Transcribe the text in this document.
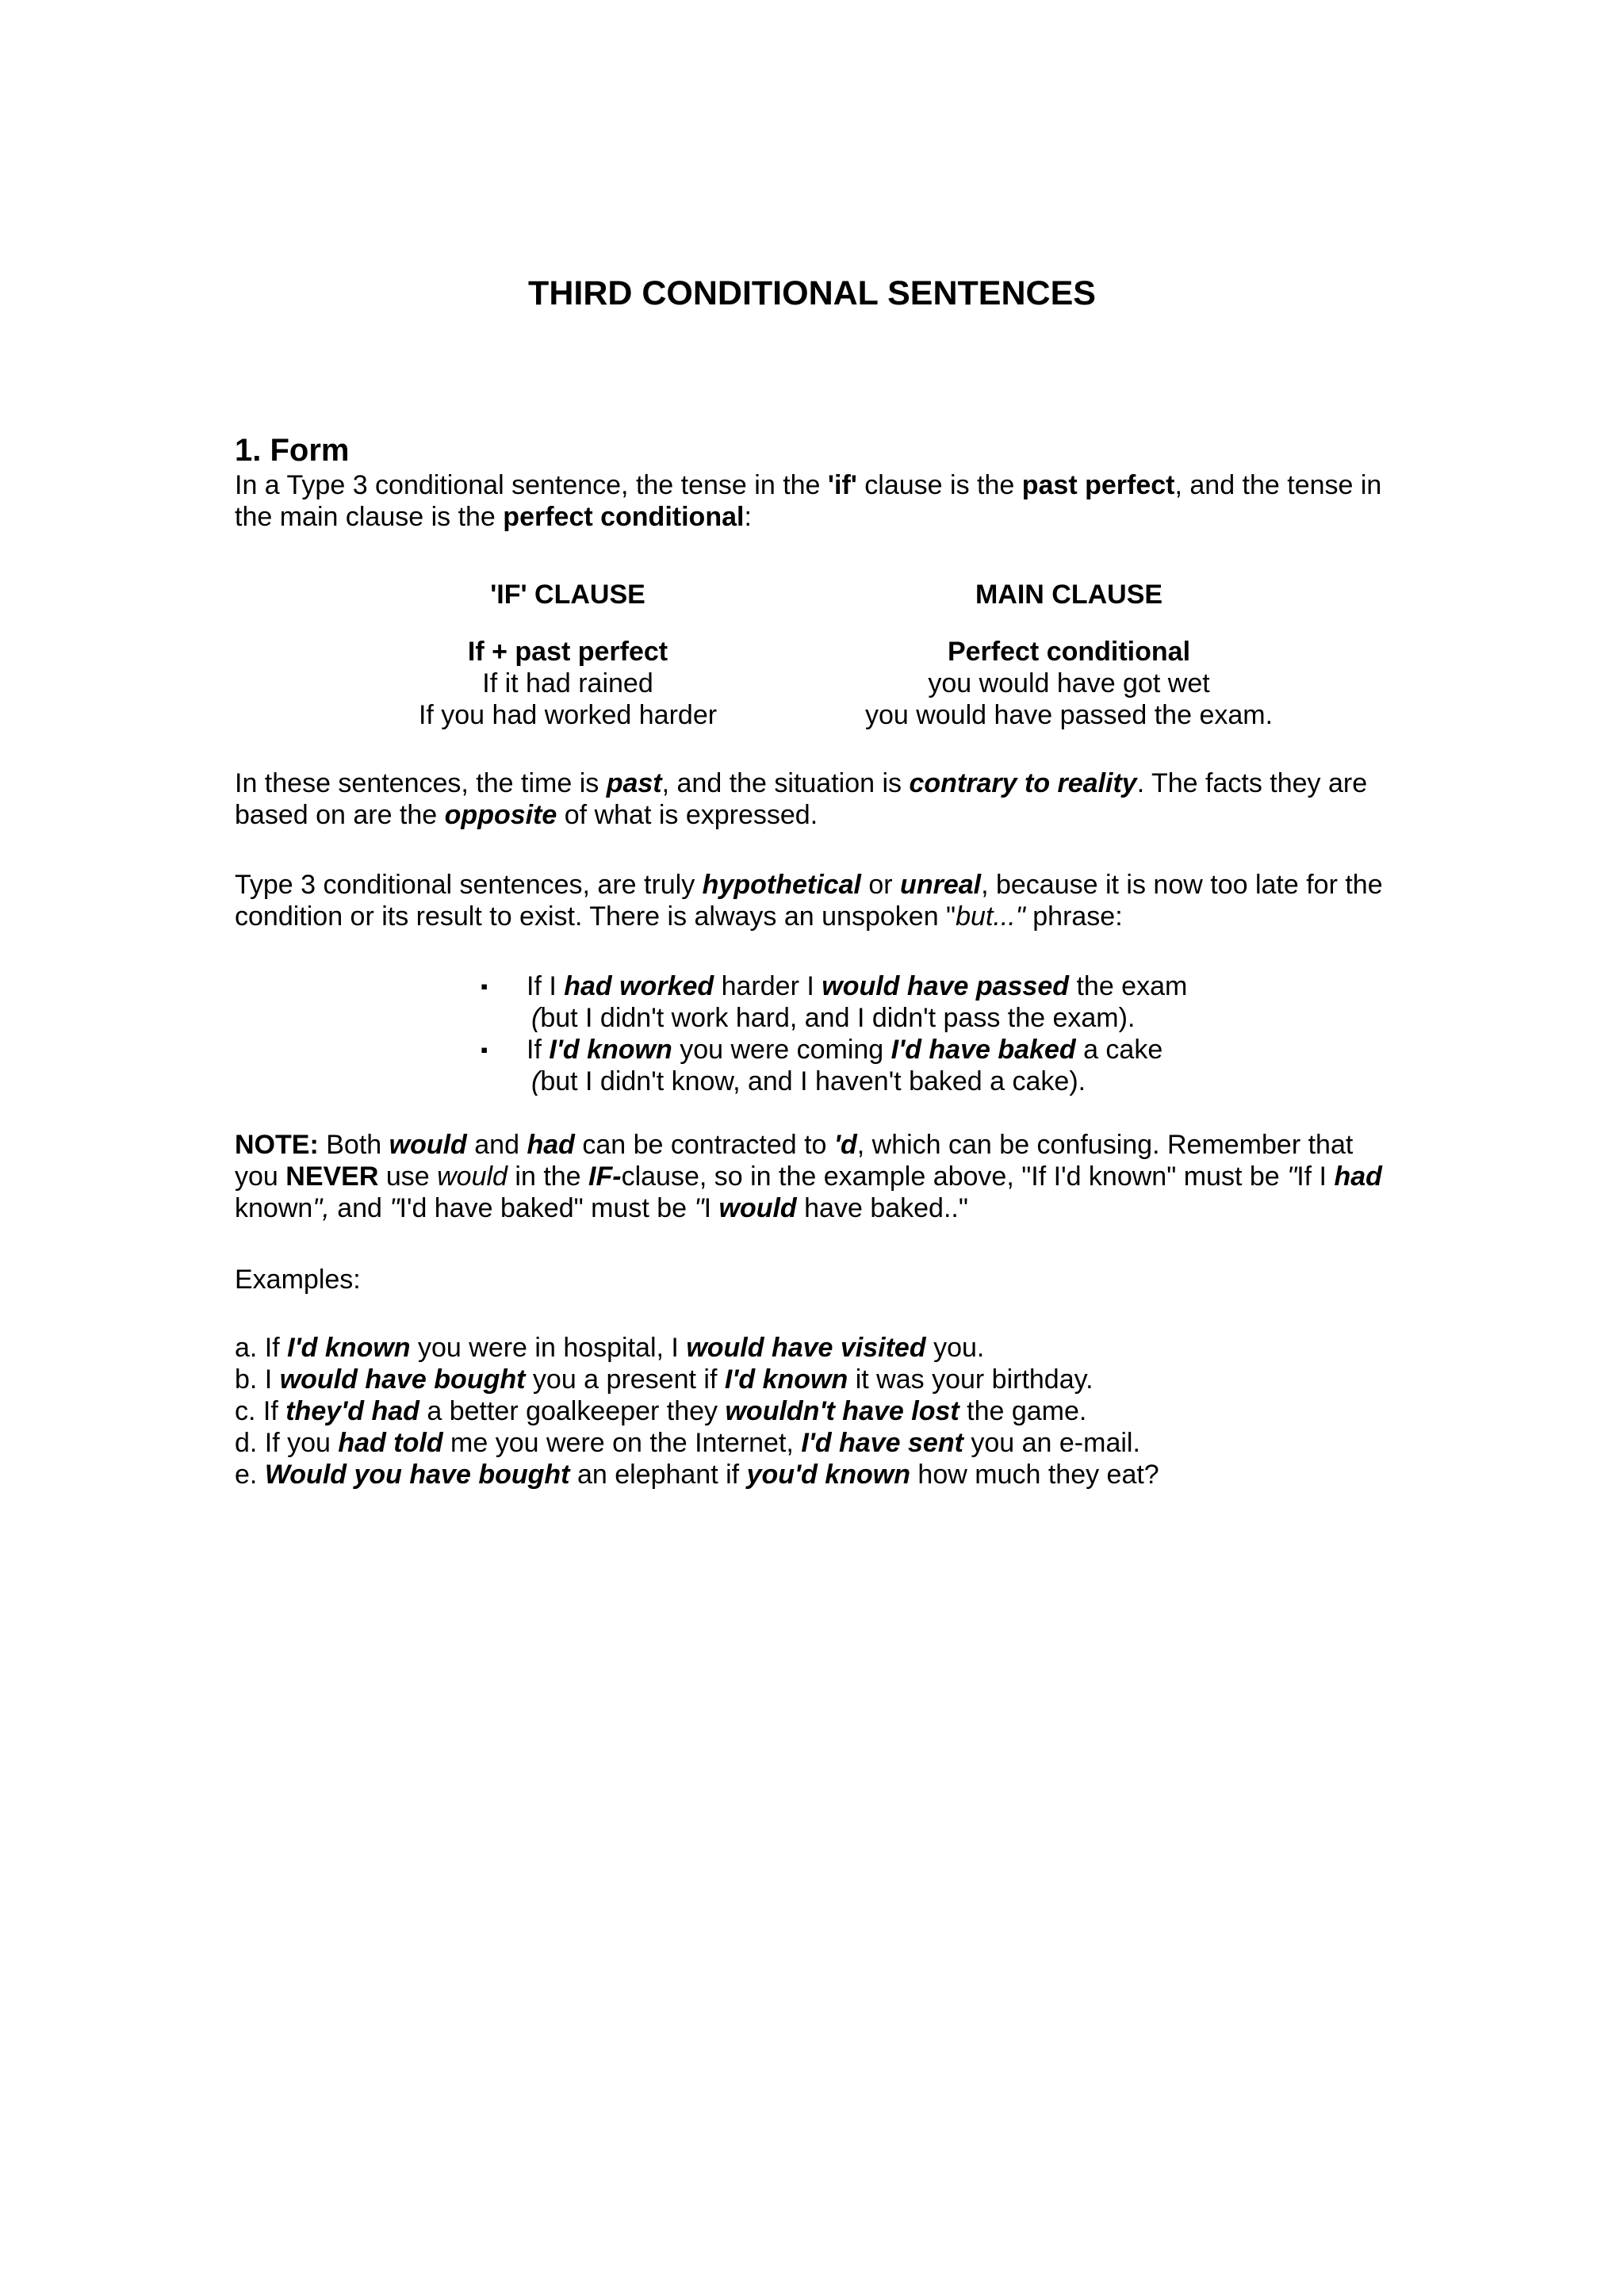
THIRD CONDITIONAL SENTENCES
1. Form

In a Type 3 conditional sentence, the tense in the 'if' clause is the past perfect, and the tense in the main clause is the perfect conditional:

'IF' CLAUSE
If + past perfect
If it had rained
If you had worked harder
MAIN CLAUSE
Perfect conditional
you would have got wet
you would have passed the exam.

In these sentences, the time is past, and the situation is contrary to reality. The facts they are based on are the opposite of what is expressed.

Type 3 conditional sentences, are truly hypothetical or unreal, because it is now too late for the condition or its result to exist. There is always an unspoken "but..." phrase:

▪ If I had worked harder I would have passed the exam
(but I didn't work hard, and I didn't pass the exam).
▪ If I'd known you were coming I'd have baked a cake
(but I didn't know, and I haven't baked a cake).

NOTE: Both would and had can be contracted to 'd, which can be confusing. Remember that you NEVER use would in the IF-clause, so in the example above, "If I'd known" must be "If I had known", and "I'd have baked" must be "I would have baked.."

Examples:

a. If I'd known you were in hospital, I would have visited you.
b. I would have bought you a present if I'd known it was your birthday.
c. If they'd had a better goalkeeper they wouldn't have lost the game.
d. If you had told me you were on the Internet, I'd have sent you an e-mail.
e. Would you have bought an elephant if you'd known how much they eat?
